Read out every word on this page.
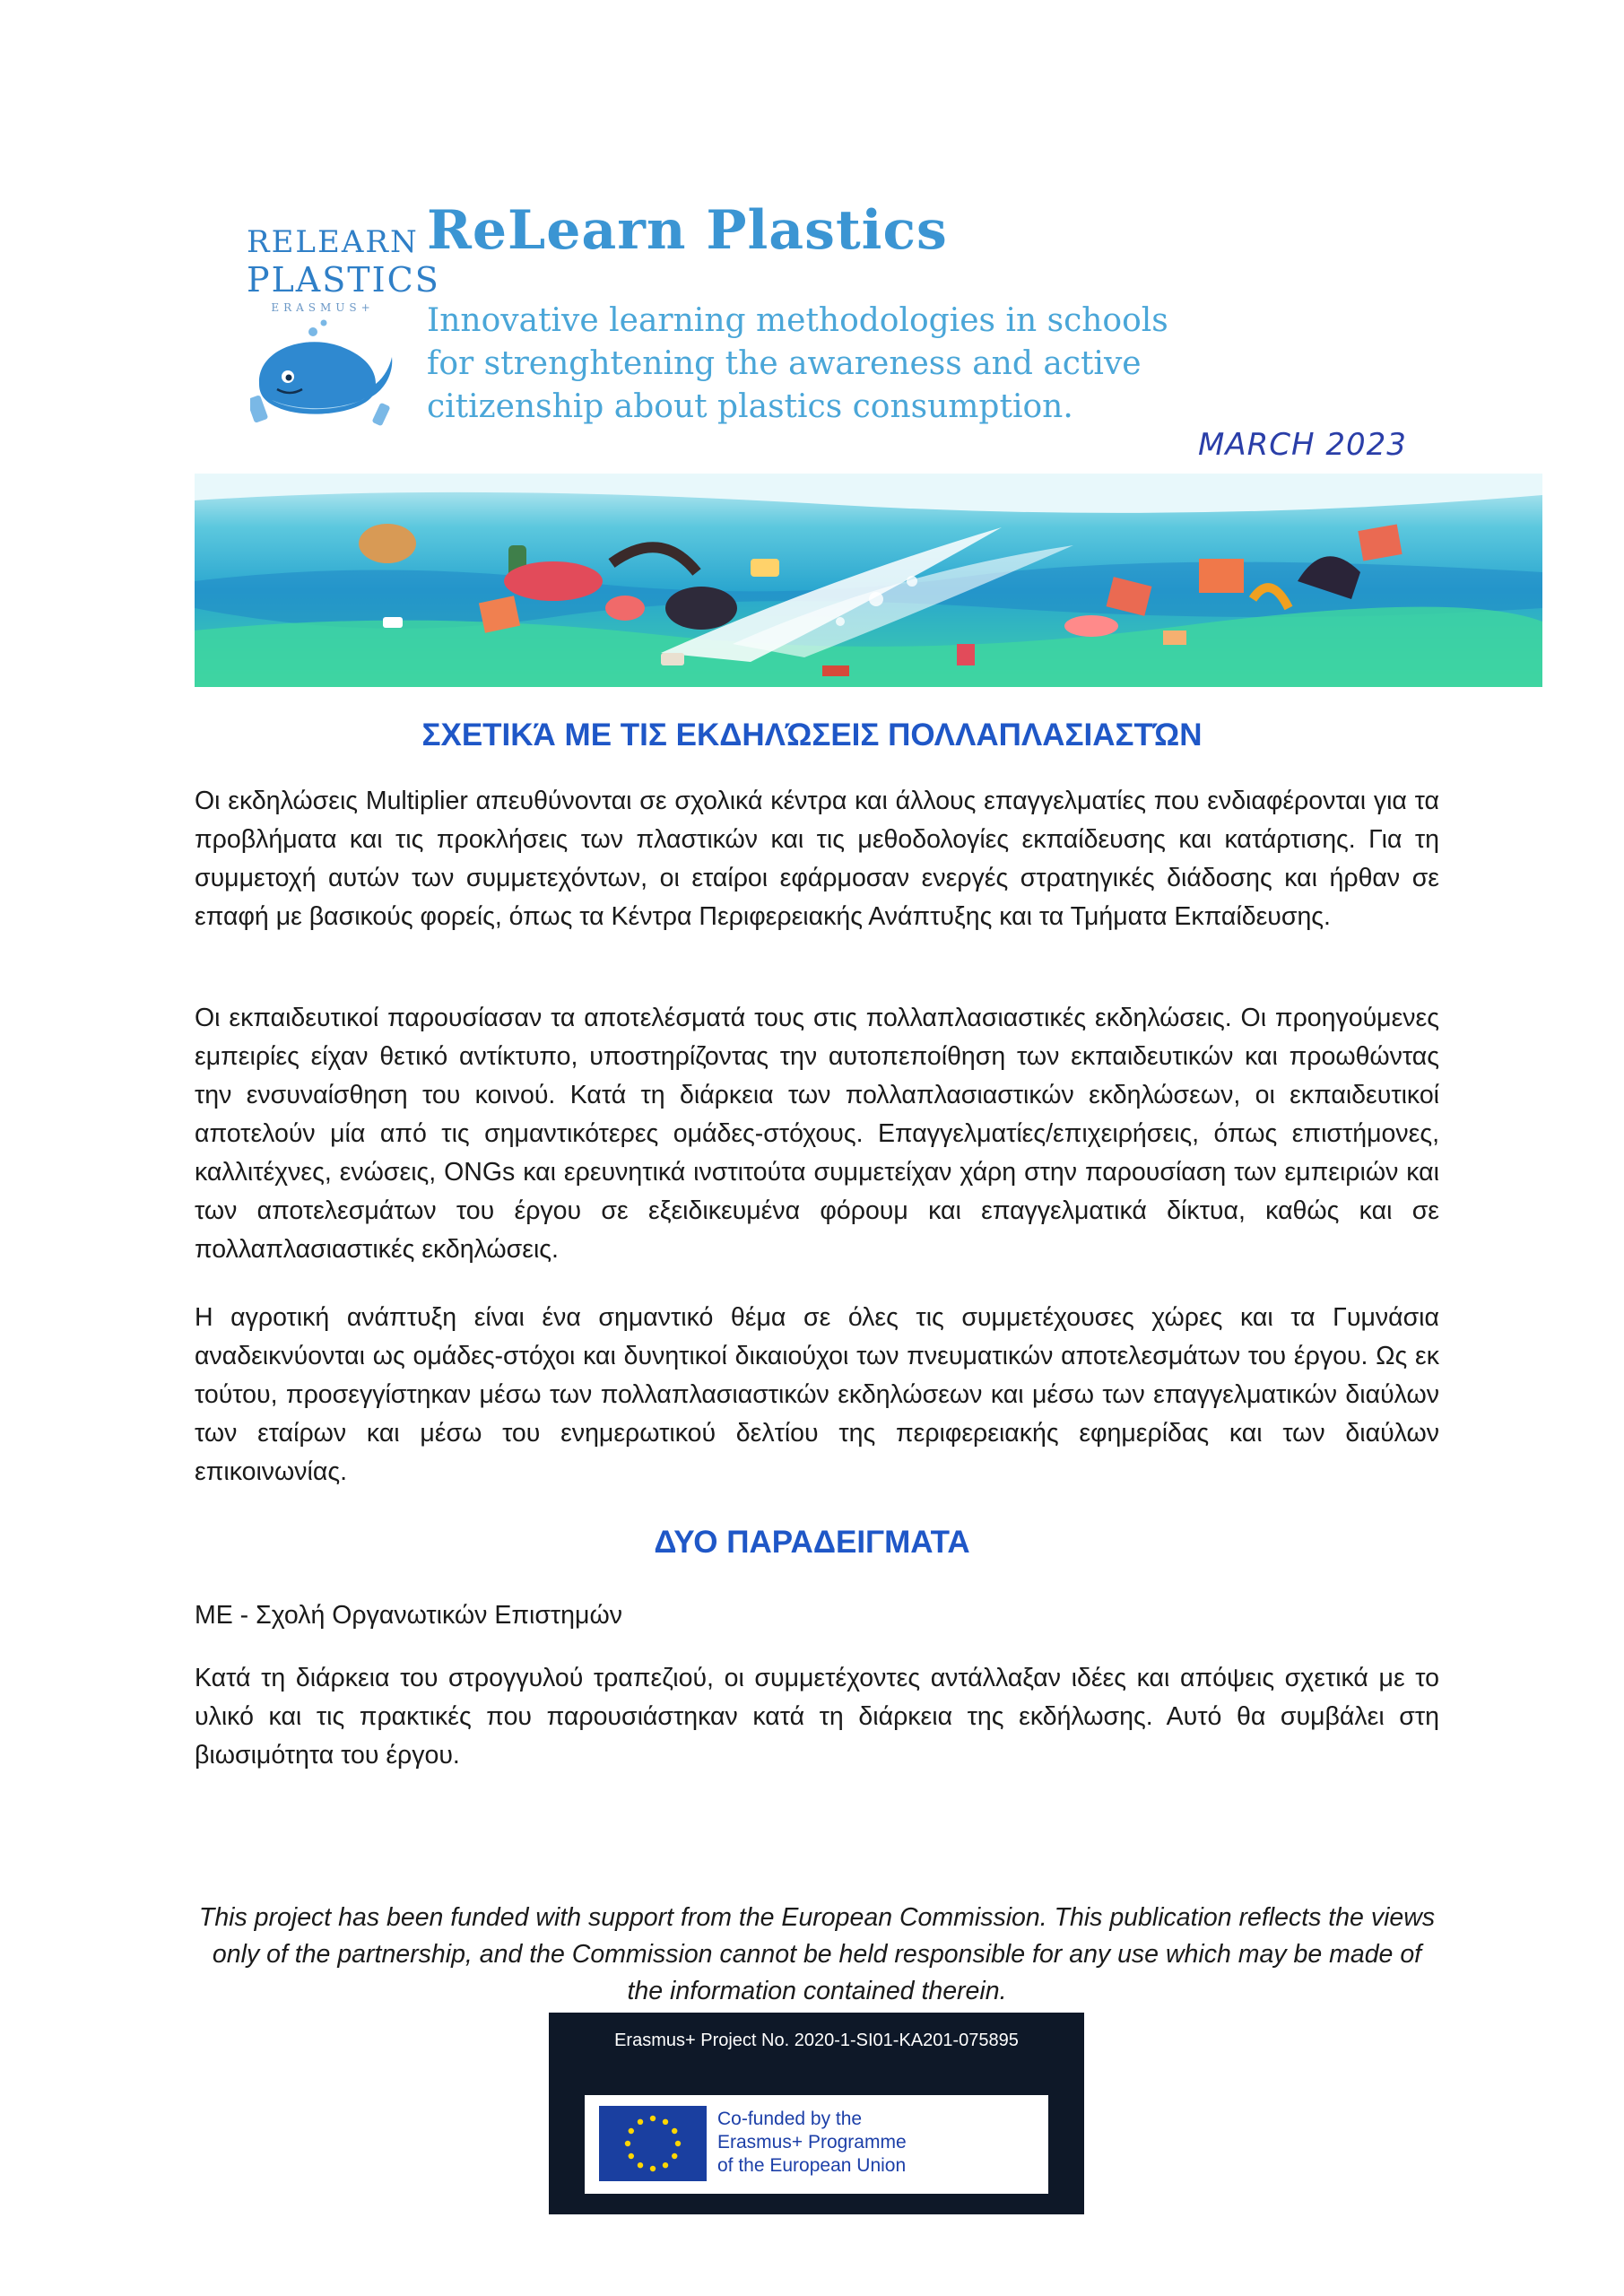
RELEARN
PLASTICS
ERASMUS+
ReLearn Plastics
Innovative learning methodologies in schools
for strenghtening the awareness and active
citizenship about plastics consumption.
MARCH 2023
ΣΧΕΤΙΚΆ ΜΕ ΤΙΣ ΕΚΔΗΛΏΣΕΙΣ ΠΟΛΛΑΠΛΑΣΙΑΣΤΏΝ
Οι εκδηλώσεις Multiplier απευθύνονται σε σχολικά κέντρα και άλλους επαγγελματίες που ενδιαφέρονται για τα προβλήματα και τις προκλήσεις των πλαστικών και τις μεθοδολογίες εκπαίδευσης και κατάρτισης. Για τη συμμετοχή αυτών των συμμετεχόντων, οι εταίροι εφάρμοσαν ενεργές στρατηγικές διάδοσης και ήρθαν σε επαφή με βασικούς φορείς, όπως τα Κέντρα Περιφερειακής Ανάπτυξης και τα Τμήματα Εκπαίδευσης.
Οι εκπαιδευτικοί παρουσίασαν τα αποτελέσματά τους στις πολλαπλασιαστικές εκδηλώσεις. Οι προηγούμενες εμπειρίες είχαν θετικό αντίκτυπο, υποστηρίζοντας την αυτοπεποίθηση των εκπαιδευτικών και προωθώντας την ενσυναίσθηση του κοινού. Κατά τη διάρκεια των πολλαπλασιαστικών εκδηλώσεων, οι εκπαιδευτικοί αποτελούν μία από τις σημαντικότερες ομάδες-στόχους. Επαγγελματίες/επιχειρήσεις, όπως επιστήμονες, καλλιτέχνες, ενώσεις, ONGs και ερευνητικά ινστιτούτα συμμετείχαν χάρη στην παρουσίαση των εμπειριών και των αποτελεσμάτων του έργου σε εξειδικευμένα φόρουμ και επαγγελματικά δίκτυα, καθώς και σε πολλαπλασιαστικές εκδηλώσεις.
Η αγροτική ανάπτυξη είναι ένα σημαντικό θέμα σε όλες τις συμμετέχουσες χώρες και τα Γυμνάσια αναδεικνύονται ως ομάδες-στόχοι και δυνητικοί δικαιούχοι των πνευματικών αποτελεσμάτων του έργου. Ως εκ τούτου, προσεγγίστηκαν μέσω των πολλαπλασιαστικών εκδηλώσεων και μέσω των επαγγελματικών διαύλων των εταίρων και μέσω του ενημερωτικού δελτίου της περιφερειακής εφημερίδας και των διαύλων επικοινωνίας.
ΔΥΟ ΠΑΡΑΔΕΙΓΜΑΤΑ
ΜΕ - Σχολή Οργανωτικών Επιστημών
Κατά τη διάρκεια του στρογγυλού τραπεζιού, οι συμμετέχοντες αντάλλαξαν ιδέες και απόψεις σχετικά με το υλικό και τις πρακτικές που παρουσιάστηκαν κατά τη διάρκεια της εκδήλωσης. Αυτό θα συμβάλει στη βιωσιμότητα του έργου.
This project has been funded with support from the European Commission. This publication reflects the views only of the partnership, and the Commission cannot be held responsible for any use which may be made of the information contained therein.
Erasmus+ Project No. 2020-1-SI01-KA201-075895
Co-funded by the
Erasmus+ Programme
of the European Union
